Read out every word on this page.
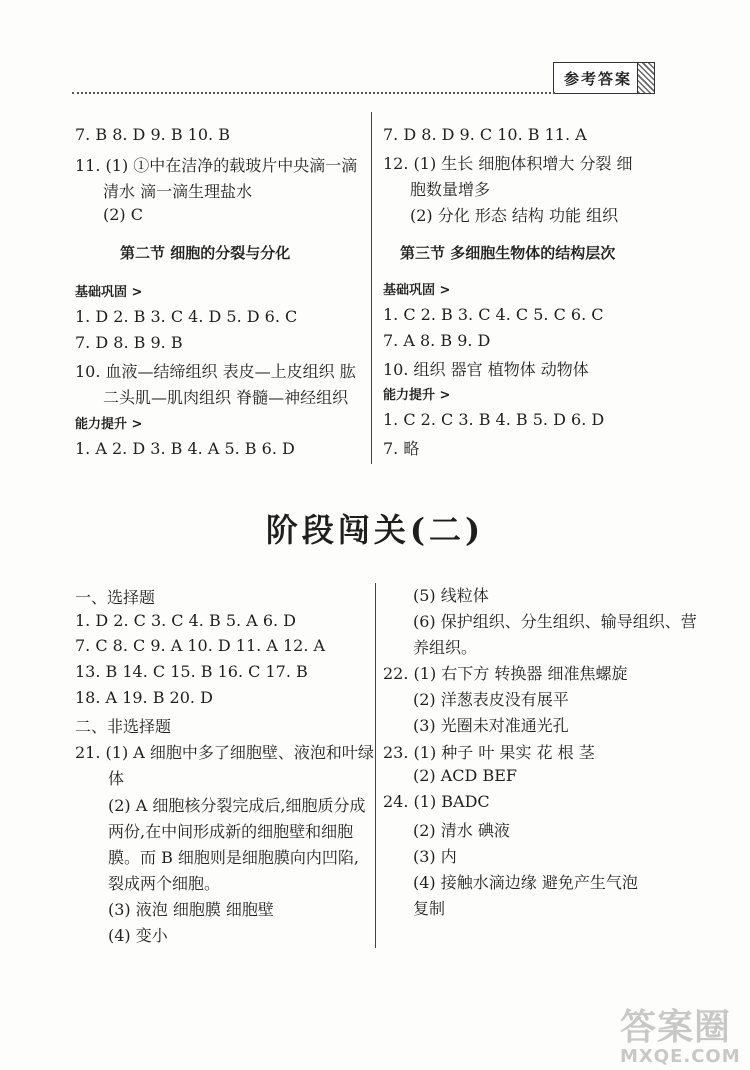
参考答案
7. B 8. D 9. B 10. B
11. (1) ①中在洁净的载玻片中央滴一滴
清水 滴一滴生理盐水
(2) C
7. D 8. D 9. C 10. B 11. A
12. (1) 生长 细胞体积增大 分裂 细
胞数量增多
(2) 分化 形态 结构 功能 组织
第二节 细胞的分裂与分化
基础巩固 >
1. D 2. B 3. C 4. D 5. D 6. C
7. D 8. B 9. B
10. 血液—结缔组织 表皮—上皮组织 肱
二头肌—肌肉组织 脊髓—神经组织
能力提升 >
1. A 2. D 3. B 4. A 5. B 6. D
第三节 多细胞生物体的结构层次
基础巩固 >
1. C 2. B 3. C 4. C 5. C 6. C
7. A 8. B 9. D
10. 组织 器官 植物体 动物体
能力提升 >
1. C 2. C 3. B 4. B 5. D 6. D
7. 略
阶段闯关(二)
一、选择题
1. D 2. C 3. C 4. B 5. A 6. D
7. C 8. C 9. A 10. D 11. A 12. A
13. B 14. C 15. B 16. C 17. B
18. A 19. B 20. D
二、非选择题
21. (1) A 细胞中多了细胞壁、液泡和叶绿
体
(2) A 细胞核分裂完成后,细胞质分成
两份,在中间形成新的细胞壁和细胞
膜。而 B 细胞则是细胞膜向内凹陷,
裂成两个细胞。
(3) 液泡 细胞膜 细胞壁
(4) 变小
(5) 线粒体
(6) 保护组织、分生组织、输导组织、营
养组织。
22. (1) 右下方 转换器 细准焦螺旋
(2) 洋葱表皮没有展平
(3) 光圈未对准通光孔
23. (1) 种子 叶 果实 花 根 茎
(2) ACD BEF
24. (1) BADC
(2) 清水 碘液
(3) 内
(4) 接触水滴边缘 避免产生气泡
复制
答案圈
MXQE.COM
